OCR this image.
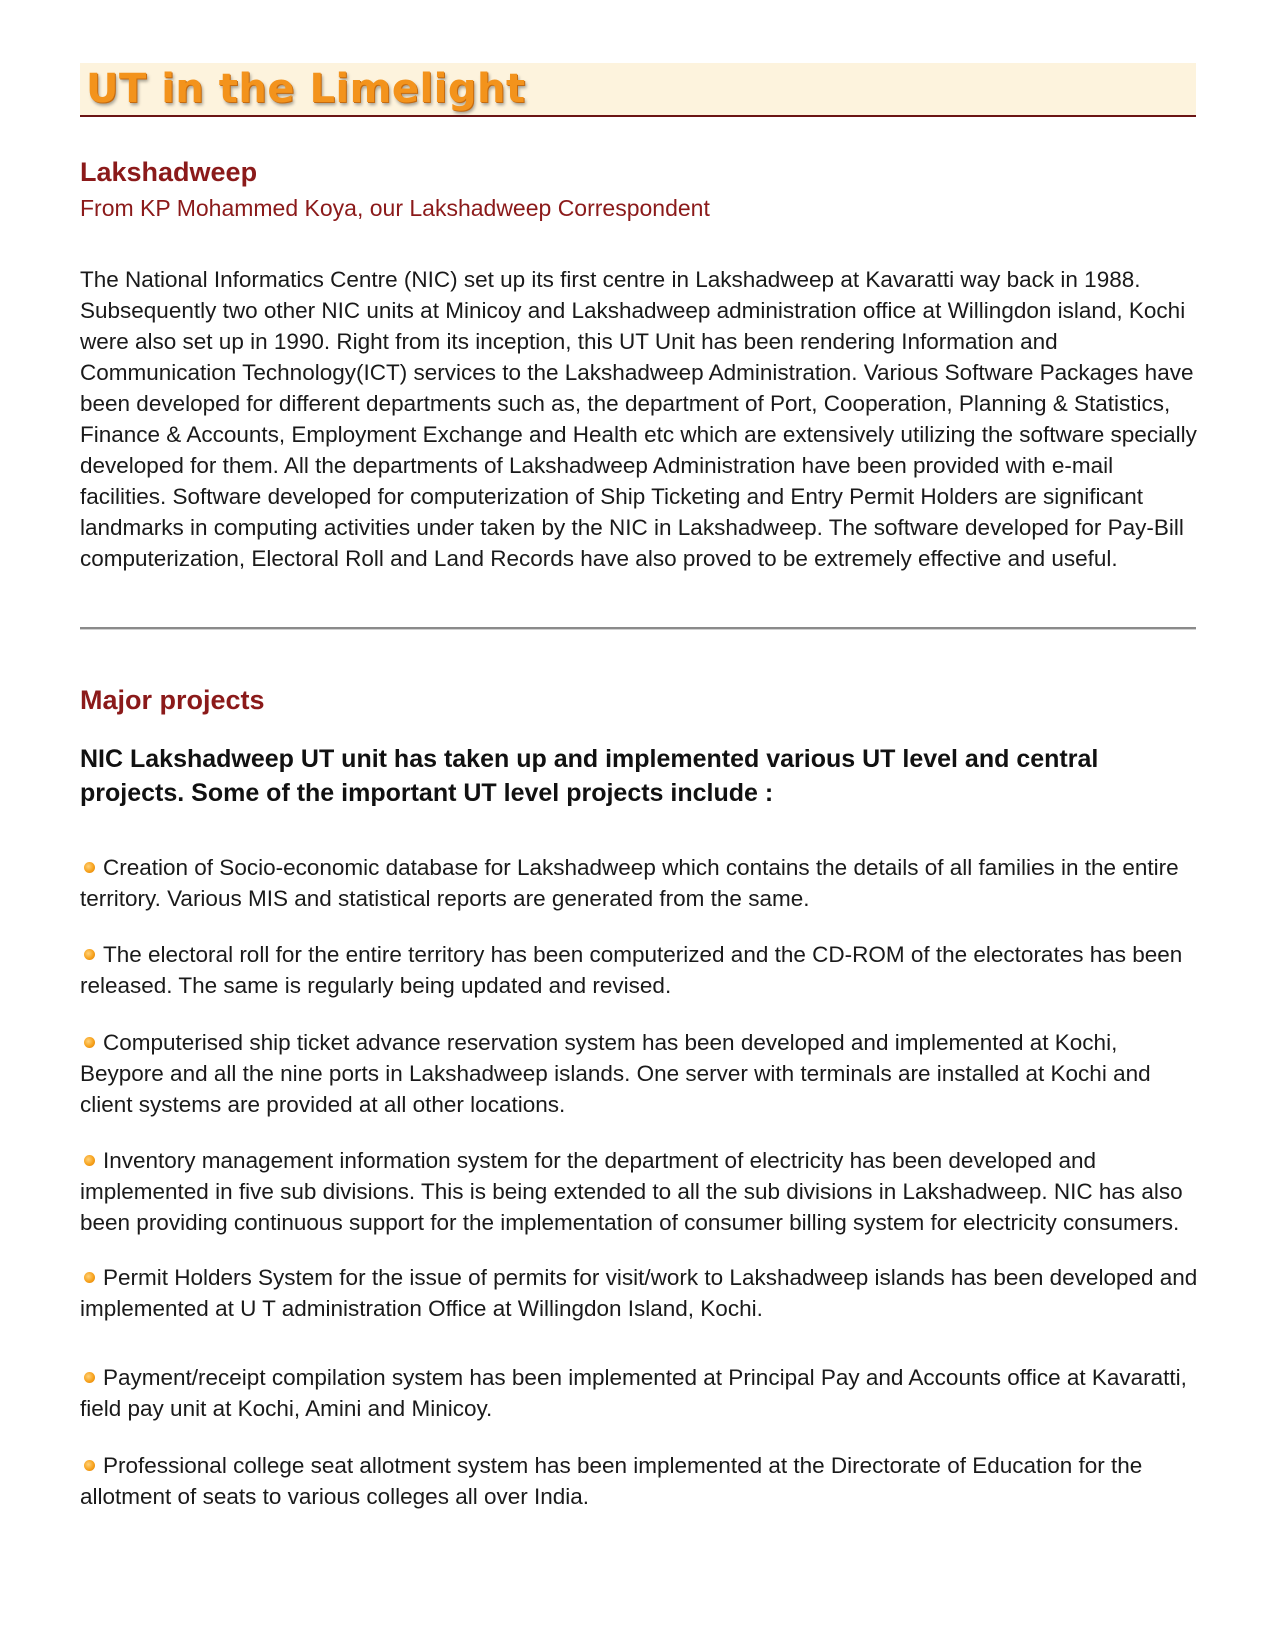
UT in the Limelight
Lakshadweep
From KP Mohammed Koya, our Lakshadweep Correspondent

The National Informatics Centre (NIC) set up its first centre in Lakshadweep at Kavaratti way back in 1988. Subsequently two other NIC units at Minicoy and Lakshadweep administration office at Willingdon island, Kochi were also set up in 1990. Right from its inception, this UT Unit has been rendering Information and Communication Technology(ICT) services to the Lakshadweep Administration. Various Software Packages have been developed for different departments such as, the department of Port, Cooperation, Planning & Statistics, Finance & Accounts, Employment Exchange and Health etc which are extensively utilizing the software specially developed for them. All the departments of Lakshadweep Administration have been provided with e-mail facilities. Software developed for computerization of Ship Ticketing and Entry Permit Holders are significant landmarks in computing activities under taken by the NIC in Lakshadweep. The software developed for Pay-Bill computerization, Electoral Roll and Land Records have also proved to be extremely effective and useful.

Major projects

NIC Lakshadweep UT unit has taken up and implemented various UT level and central projects. Some of the important UT level projects include :

Creation of Socio-economic database for Lakshadweep which contains the details of all families in the entire territory. Various MIS and statistical reports are generated from the same.

The electoral roll for the entire territory has been computerized and the CD-ROM of the electorates has been released. The same is regularly being updated and revised.

Computerised ship ticket advance reservation system has been developed and implemented at Kochi, Beypore and all the nine ports in Lakshadweep islands. One server with terminals are installed at Kochi and client systems are provided at all other locations.

Inventory management information system for the department of electricity has been developed and implemented in five sub divisions. This is being extended to all the sub divisions in Lakshadweep. NIC has also been providing continuous support for the implementation of consumer billing system for electricity consumers.

Permit Holders System for the issue of permits for visit/work to Lakshadweep islands has been developed and implemented at U T administration Office at Willingdon Island, Kochi.

Payment/receipt compilation system has been implemented at Principal Pay and Accounts office at Kavaratti, field pay unit at Kochi, Amini and Minicoy.

Professional college seat allotment system has been implemented at the Directorate of Education for the allotment of seats to various colleges all over India.
